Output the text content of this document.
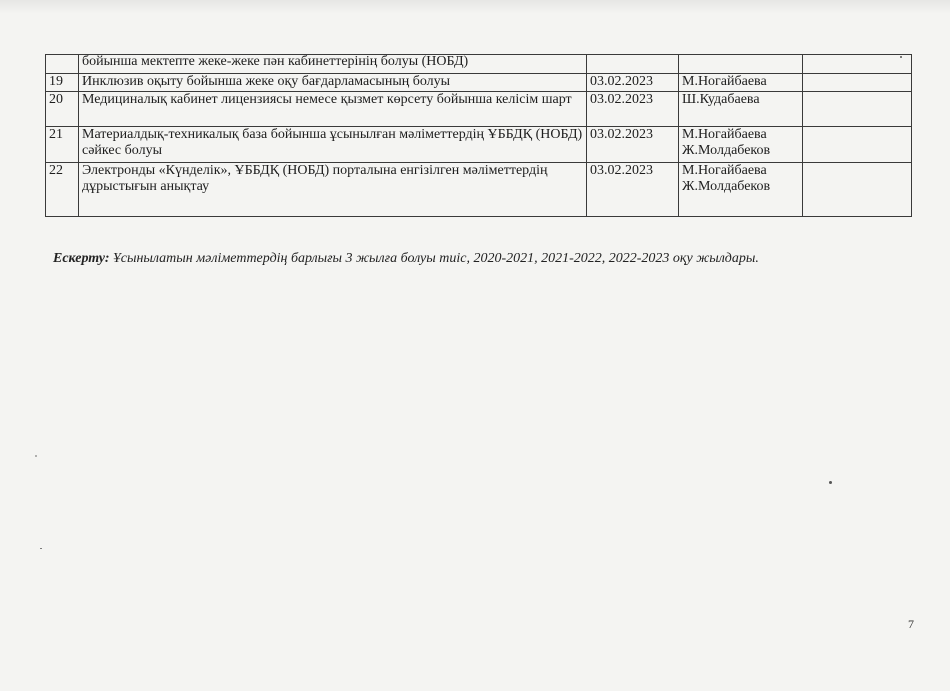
	бойынша мектепте жеке-жеке пән кабинеттерінің болуы (НОБД)			
19	Инклюзив оқыту бойынша жеке оқу бағдарламасының болуы	03.02.2023	М.Ногайбаева	
20	Медициналық кабинет лицензиясы немесе қызмет көрсету бойынша келісім шарт	03.02.2023	Ш.Кудабаева	
21	Материалдық-техникалық база бойынша ұсынылған мәліметтердің ҰББДҚ (НОБД) сәйкес болуы	03.02.2023	М.Ногайбаева Ж.Молдабеков	
22	Электронды «Күнделік», ҰББДҚ (НОБД) порталына енгізілген мәліметтердің дұрыстығын анықтау	03.02.2023	М.Ногайбаева Ж.Молдабеков	
Ескерту: Ұсынылатын мәліметтердің барлығы 3 жылға болуы тиіс, 2020-2021, 2021-2022, 2022-2023 оқу жылдары.
7
